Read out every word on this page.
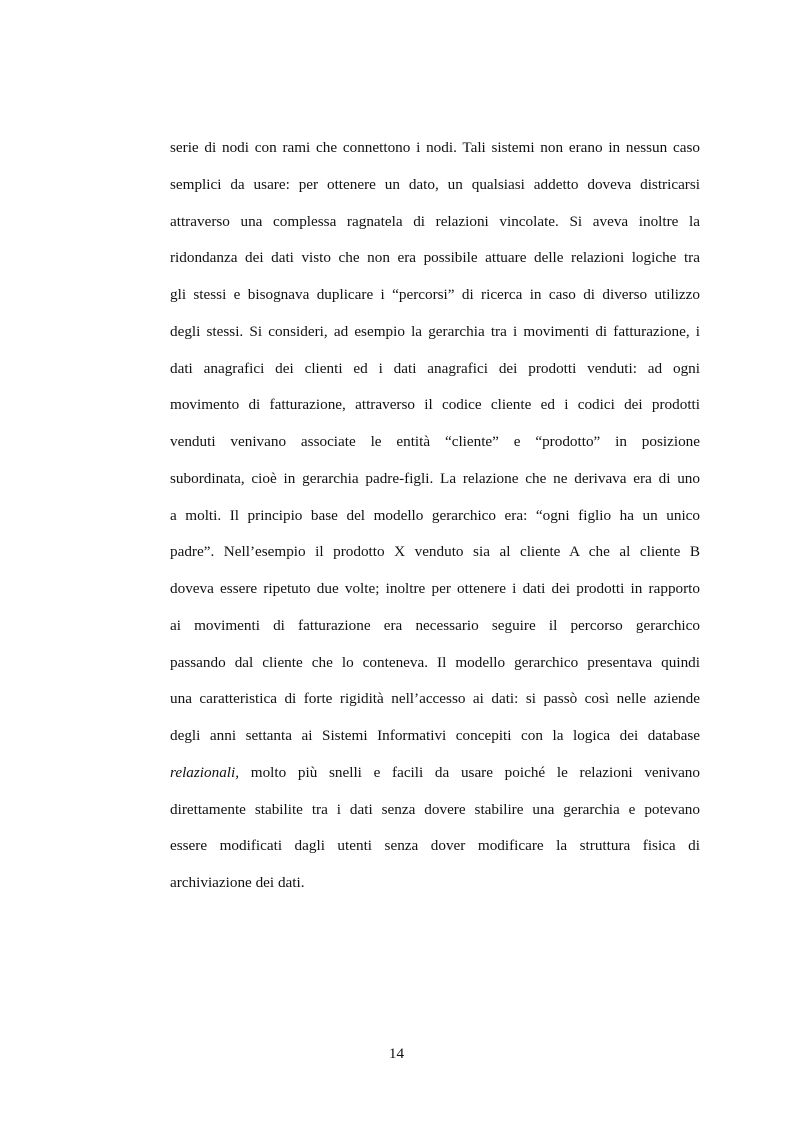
serie di nodi con rami che connettono i nodi. Tali sistemi non erano in nessun caso
semplici da usare: per ottenere un dato, un qualsiasi addetto doveva districarsi
attraverso una complessa ragnatela di relazioni vincolate. Si aveva inoltre la
ridondanza dei dati visto che non era possibile attuare delle relazioni logiche tra
gli stessi e bisognava duplicare i “percorsi” di ricerca in caso di diverso utilizzo
degli stessi. Si consideri, ad esempio la gerarchia tra i movimenti di fatturazione, i
dati anagrafici dei clienti ed i dati anagrafici dei prodotti venduti: ad ogni
movimento di fatturazione, attraverso il codice cliente ed i codici dei prodotti
venduti venivano associate le entità “cliente” e “prodotto” in posizione
subordinata, cioè in gerarchia padre-figli. La relazione che ne derivava era di uno
a molti. Il principio base del modello gerarchico era: “ogni figlio ha un unico
padre”. Nell’esempio il prodotto X venduto sia al cliente A che al cliente B
doveva essere ripetuto due volte; inoltre per ottenere i dati dei prodotti in rapporto
ai movimenti di fatturazione era necessario seguire il percorso gerarchico
passando dal cliente che lo conteneva. Il modello gerarchico presentava quindi
una caratteristica di forte rigidità nell’accesso ai dati: si passò così nelle aziende
degli anni settanta ai Sistemi Informativi concepiti con la logica dei database
relazionali, molto più snelli e facili da usare poiché le relazioni venivano
direttamente stabilite tra i dati senza dovere stabilire una gerarchia e potevano
essere modificati dagli utenti senza dover modificare la struttura fisica di
archiviazione dei dati.

14
